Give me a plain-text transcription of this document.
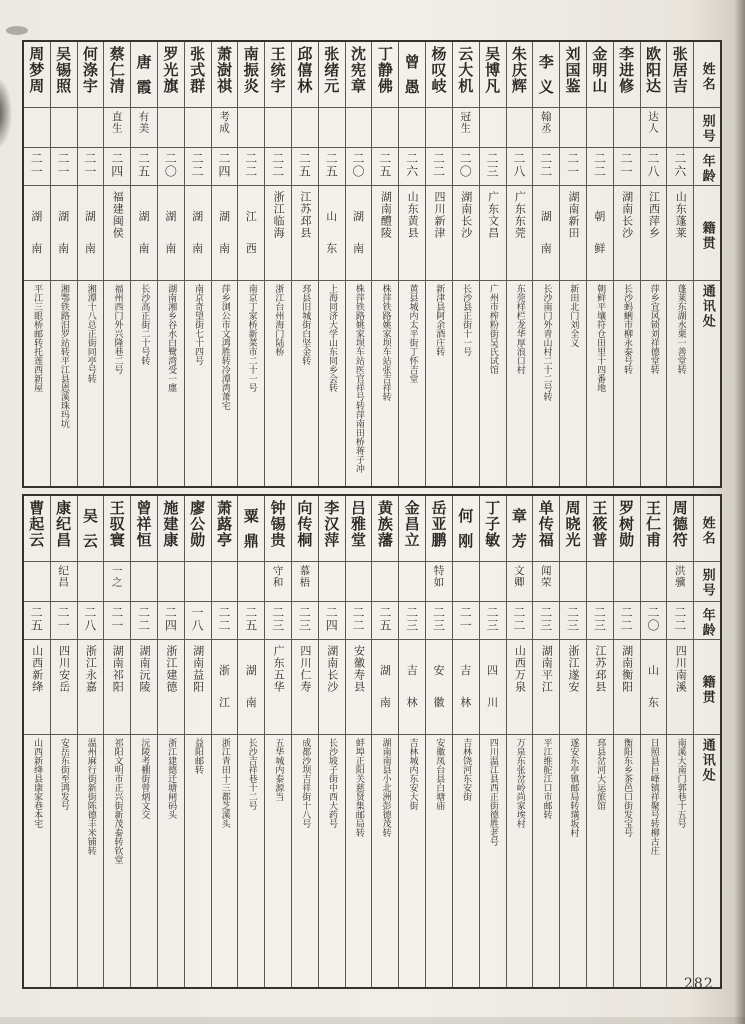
姓名
别号
年龄
籍贯
通讯处
张居吉
二六
山东蓬莱
蓬莱东湖水栗一善堂转
欧阳达
达人
二八
江西萍乡
萍乡宜风锁刘祥德堂转
李进修
二一
湖南长沙
长沙蚂蜊市柳永泰号转
金明山
二二
朝
鲜
朝鲜平壤符仓田里十四番地
刘国鉴
二一
湖南新田
新田北门刘全义
李
义
翰丞
二二
湖
南
长沙南门外青山村二十二号转
朱庆辉
二八
广东东莞
东莞样栏龙华厚浪口村
吴博凡
二三
广东文昌
广州市榨粉街吴氏试馆
云大机
冠生
二〇
湖南长沙
长沙县正街十一号
杨叹岐
二二
四川新津
新津县阿余酒庄转
曾
愚
二六
山东黄县
黄县城内太平街丁怀吉堂
丁静佛
二五
湖南醴陵
株萍铁路姚家坝车站张吉祥转
沈宪章
二〇
湖
南
株萍铁路姚家坝车站医官祥号转萍南田桥蒋子冲
张绪元
二五
山
东
上海同济大学山东同乡会转
邱僖林
二五
江苏邳县
邳县旧城街白坚金转
王统宇
二二
浙江临海
浙江台州海门陆桥
南振炎
二二
江
西
南京丁家桥新菜市二十一号
萧澍祺
考成
二四
湖
南
萍乡浏公市文鸿胜转冷潭湾萧宅
张式群
二二
湖
南
南京奇望街七十四号
罗光旗
二〇
湖
南
湖南湘乡谷水白鹭湾受一廛
唐
霞
有美
二五
湖
南
长沙高正街二十号转
蔡仁清
直生
二四
福建闽侯
福州西门外兴隆巷二号
何涤宇
二一
湖
南
湘潭十八总正街同亭号转
吴锡照
二一
湖
南
湘鄂铁路汨罗站转平江县恩溪珠玛坑
周梦周
二一
湖
南
平江三眼桥邮转托莲西新屋
姓名
别号
年龄
籍贯
通讯处
周德符
洪骥
二二
四川南溪
南溪大南门郭巷十五号
王仁甫
二〇
山
东
日照县巨峰镇祥聚号转柳古庄
罗树勋
二二
湖南衡阳
衡阳东乡茶邑口街发宝号
王筱普
二三
江苏邳县
邳县岔河大运旅馆
周晓光
二三
浙江遂安
遂安东亭镇邮局转璜坂村
单传福
闻荣
二三
湖南平江
平江维舵江口市邮转
章
芳
文卿
二二
山西万泉
万泉东张岔岭尚家埃村
丁子敏
二三
四
川
四川温江县西正街德胜老号
何
刚
二一
吉
林
吉林饶河东安街
岳亚鹏
特如
二三
安
徽
安徽凤台县白塘庙
金昌立
二三
吉
林
吉林城内东安大街
黄族藩
二五
湖
南
湖南南县小北洲彭德茂转
吕雅堂
二二
安徽寿县
蚌埠正阳关慈贤集邮局转
李汉萍
二四
湖南长沙
长沙坡子街中西大药号
向传桐
慕梧
二三
四川仁寿
成都沙坝吉祥街十八号
钟锡贵
守和
二三
广东五华
五华城内泰源当
粟
鼎
二五
湖
南
长沙吉祥巷十二号
萧蕗亭
二二
浙
江
浙江青田十三都芝溪头
廖公勋
一八
湖南益阳
益阳邮转
施建康
二四
浙江建德
浙江建德迁塘闸码头
曾祥恒
二二
湖南沅陵
沅陵考棚街曾炳文交
王驭寰
一之
二一
湖南祁阳
祁阳文明市正兴街新茂泰转钦堂
吴
云
二八
浙江永嘉
温州麻行街新街陈德丰米铺转
康纪昌
纪昌
二一
四川安岳
安岳东街至鸿发号
曹起云
二五
山西新绛
山西新绛县康家巷本宅
282
